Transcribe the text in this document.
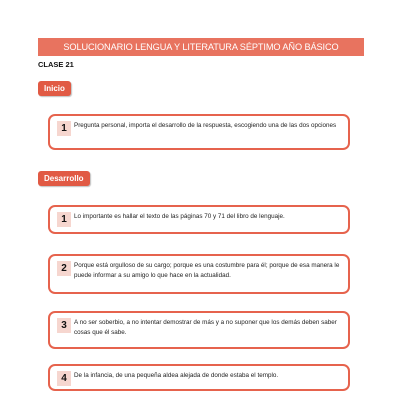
SOLUCIONARIO LENGUA Y LITERATURA SÉPTIMO AÑO BÁSICO
CLASE 21
Inicio
1	Pregunta personal, importa el desarrollo de la respuesta, escogiendo una de las dos opciones
Desarrollo
1	Lo importante es hallar el texto de las páginas 70 y 71 del libro de lenguaje.
2	Porque está orgulloso de su cargo; porque es una costumbre para él; porque de esa manera le puede informar a su amigo lo que hace en la actualidad.
3	A no ser soberbio, a no intentar demostrar de más y a no suponer que los demás deben saber cosas que él sabe.
4	De la infancia, de una pequeña aldea alejada de donde estaba el templo.
